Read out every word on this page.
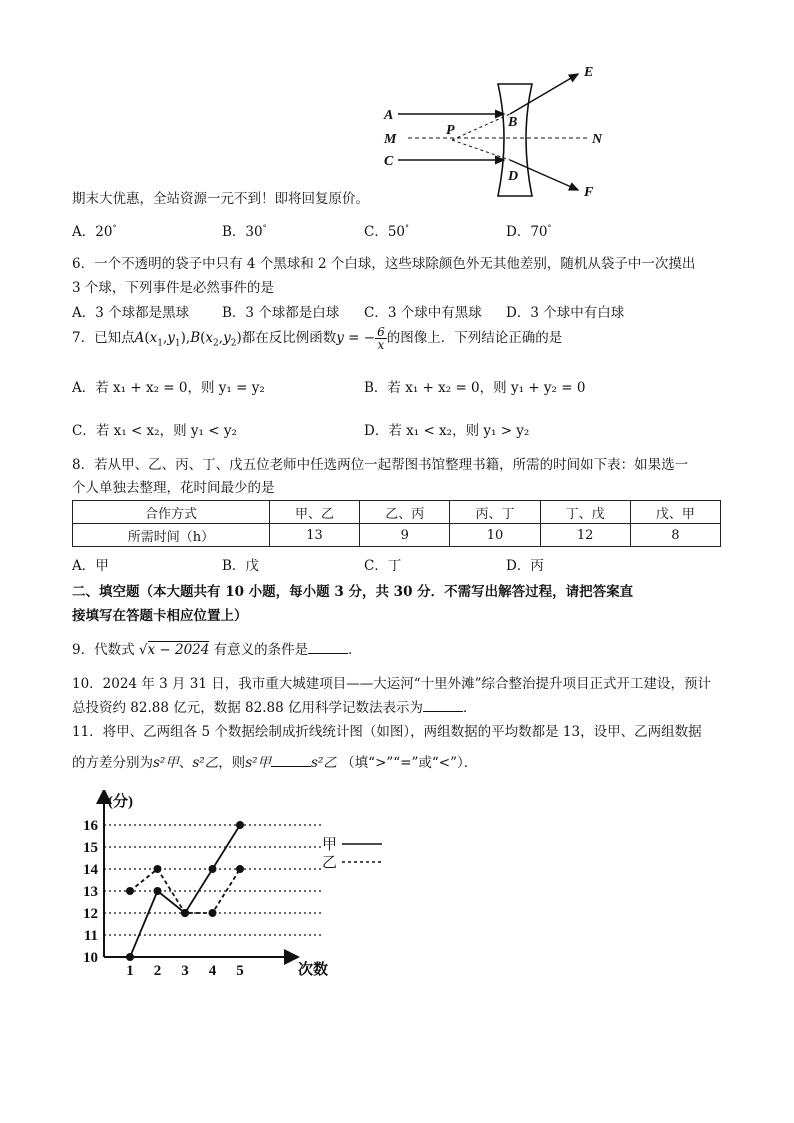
A
M
C
P
B
D
N
E
F
期末大优惠，全站资源一元不到！即将回复原价。
A．20°	B．30°	C．50°	D．70°
6．一个不透明的袋子中只有 4 个黑球和 2 个白球，这些球除颜色外无其他差别，随机从袋子中一次摸出
3 个球，下列事件是必然事件的是
A．3 个球都是黑球 B．3 个球都是白球 C．3 个球中有黑球 D．3 个球中有白球
7．已知点$A(x_1,y_1),B(x_2,y_2)$都在反比例函数y = − $\frac{6}{x}$ 的图像上．下列结论正确的是
A．若 x₁ + x₂ = 0，则 y₁ = y₂	B．若 x₁ + x₂ = 0，则 y₁ + y₂ = 0
C．若 x₁ < x₂，则 y₁ < y₂	D．若 x₁ < x₂，则 y₁ > y₂
8．若从甲、乙、丙、丁、戊五位老师中任选两位一起帮图书馆整理书籍，所需的时间如下表：如果选一
个人单独去整理，花时间最少的是
合作方式	甲、乙	乙、丙	丙、丁	丁、戊	戊、甲
所需时间（h）	13	9	10	12	8
A．甲	B．戊	C．丁	D．丙
二、填空题（本大题共有 10 小题，每小题 3 分，共 30 分．不需写出解答过程，请把答案直
接填写在答题卡相应位置上）
9．代数式 √x − 2024 有意义的条件是	．
10．2024 年 3 月 31 日，我市重大城建项目——大运河“十里外滩”综合整治提升项目正式开工建设，预计
总投资约 82.88 亿元，数据 82.88 亿用科学记数法表示为	．
11．将甲、乙两组各 5 个数据绘制成折线统计图（如图），两组数据的平均数都是 13，设甲、乙两组数据
的方差分别为s²甲、s²乙，则s²甲	s²乙 （填“>”“=”或“<”）．
(分)
次数
10
11
12
13
14
15
16
1 2 3 4 5
甲
乙
